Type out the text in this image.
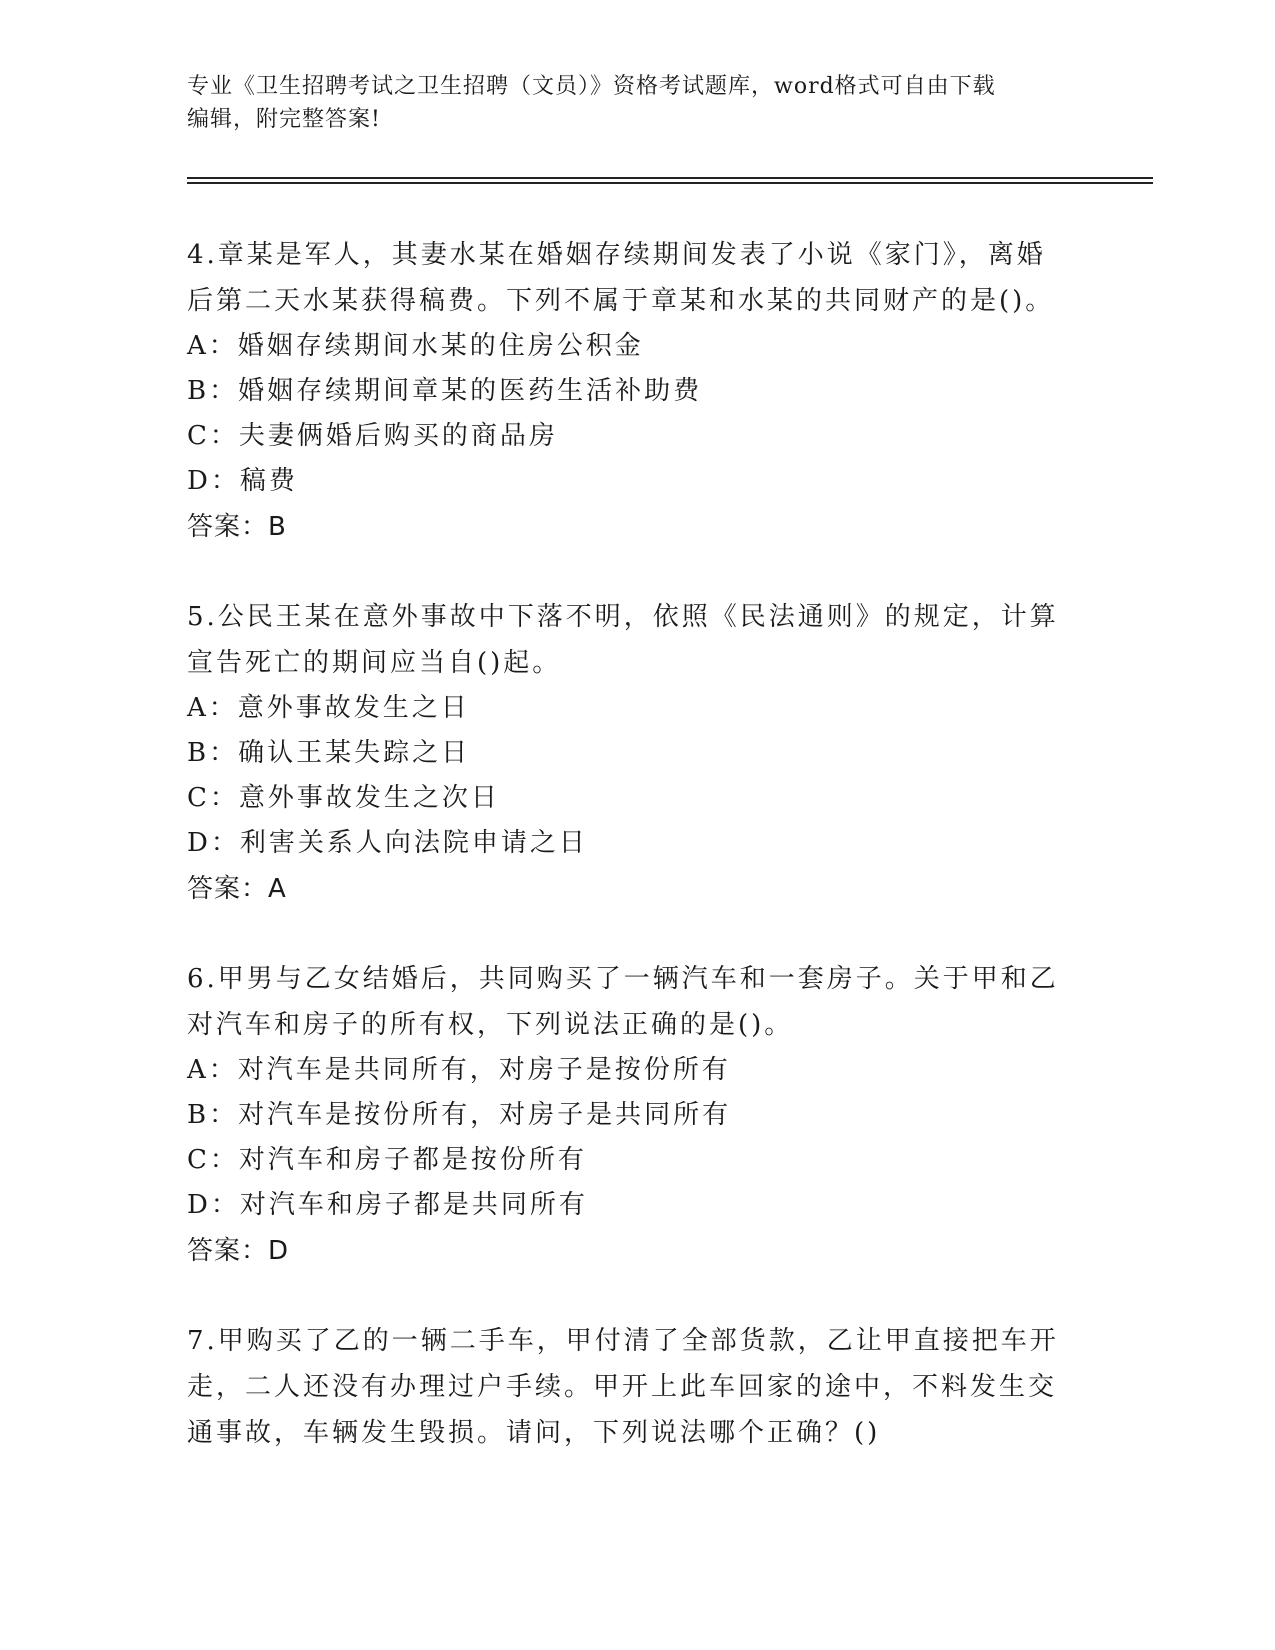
专业《卫生招聘考试之卫生招聘（文员）》资格考试题库，word格式可自由下载
编辑，附完整答案!
4.章某是军人，其妻水某在婚姻存续期间发表了小说《家门》，离婚
后第二天水某获得稿费。下列不属于章某和水某的共同财产的是()。
A：婚姻存续期间水某的住房公积金
B：婚姻存续期间章某的医药生活补助费
C：夫妻俩婚后购买的商品房
D：稿费
答案：B
5.公民王某在意外事故中下落不明，依照《民法通则》的规定，计算
宣告死亡的期间应当自()起。
A：意外事故发生之日
B：确认王某失踪之日
C：意外事故发生之次日
D：利害关系人向法院申请之日
答案：A
6.甲男与乙女结婚后，共同购买了一辆汽车和一套房子。关于甲和乙
对汽车和房子的所有权，下列说法正确的是()。
A：对汽车是共同所有，对房子是按份所有
B：对汽车是按份所有，对房子是共同所有
C：对汽车和房子都是按份所有
D：对汽车和房子都是共同所有
答案：D
7.甲购买了乙的一辆二手车，甲付清了全部货款，乙让甲直接把车开
走，二人还没有办理过户手续。甲开上此车回家的途中，不料发生交
通事故，车辆发生毁损。请问，下列说法哪个正确？()
